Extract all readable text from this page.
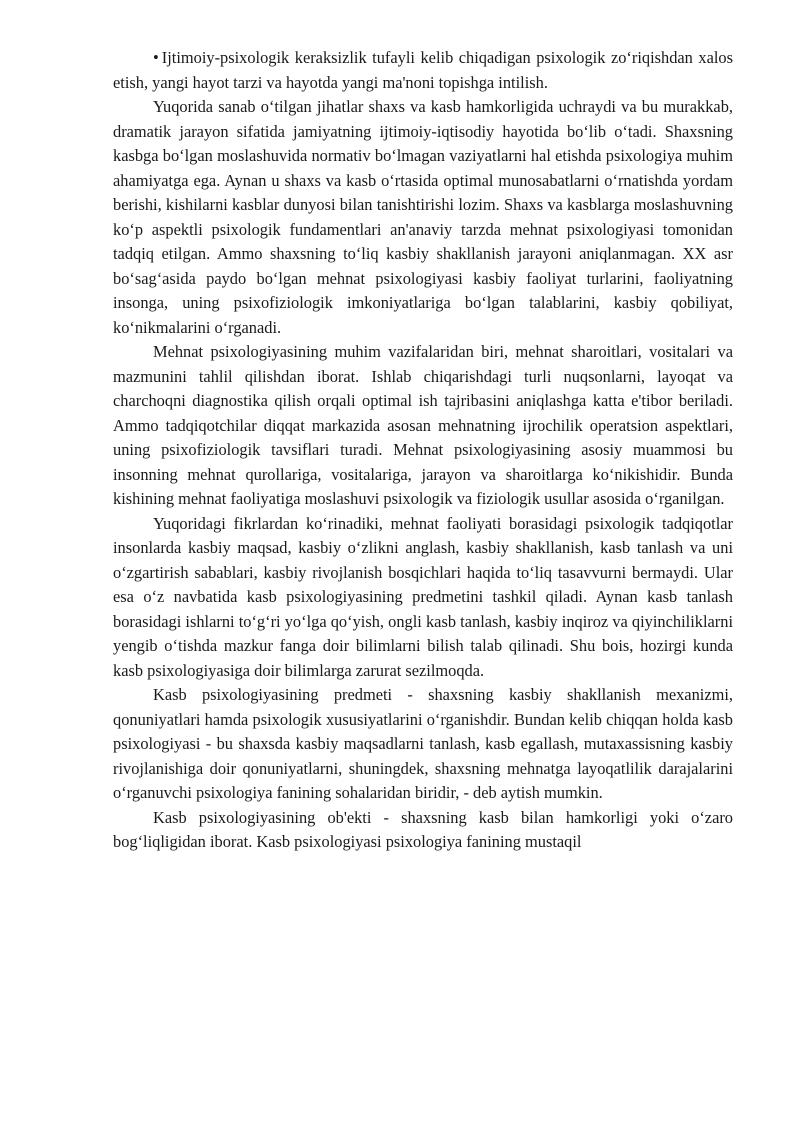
• Ijtimoiy-psixologik keraksizlik tufayli kelib chiqadigan psixologik zo‘riqishdan xalos etish, yangi hayot tarzi va hayotda yangi ma'noni topishga intilish.

Yuqorida sanab o‘tilgan jihatlar shaxs va kasb hamkorligida uchraydi va bu murakkab, dramatik jarayon sifatida jamiyatning ijtimoiy-iqtisodiy hayotida bo‘lib o‘tadi. Shaxsning kasbga bo‘lgan moslashuvida normativ bo‘lmagan vaziyatlarni hal etishda psixologiya muhim ahamiyatga ega. Aynan u shaxs va kasb o‘rtasida optimal munosabatlarni o‘rnatishda yordam berishi, kishilarni kasblar dunyosi bilan tanishtirishi lozim. Shaxs va kasblarga moslashuvning ko‘p aspektli psixologik fundamentlari an'anaviy tarzda mehnat psixologiyasi tomonidan tadqiq etilgan. Ammo shaxsning to‘liq kasbiy shakllanish jarayoni aniqlanmagan. XX asr bo‘sag‘asida paydo bo‘lgan mehnat psixologiyasi kasbiy faoliyat turlarini, faoliyatning insonga, uning psixofiziologik imkoniyatlariga bo‘lgan talablarini, kasbiy qobiliyat, ko‘nikmalarini o‘rganadi.

Mehnat psixologiyasining muhim vazifalaridan biri, mehnat sharoitlari, vositalari va mazmunini tahlil qilishdan iborat. Ishlab chiqarishdagi turli nuqsonlarni, layoqat va charchoqni diagnostika qilish orqali optimal ish tajribasini aniqlashga katta e'tibor beriladi. Ammo tadqiqotchilar diqqat markazida asosan mehnatning ijrochilik operatsion aspektlari, uning psixofiziologik tavsiflari turadi. Mehnat psixologiyasining asosiy muammosi bu insonning mehnat qurollariga, vositalariga, jarayon va sharoitlarga ko‘nikishidir. Bunda kishining mehnat faoliyatiga moslashuvi psixologik va fiziologik usullar asosida o‘rganilgan.

Yuqoridagi fikrlardan ko‘rinadiki, mehnat faoliyati borasidagi psixologik tadqiqotlar insonlarda kasbiy maqsad, kasbiy o‘zlikni anglash, kasbiy shakllanish, kasb tanlash va uni o‘zgartirish sabablari, kasbiy rivojlanish bosqichlari haqida to‘liq tasavvurni bermaydi. Ular esa o‘z navbatida kasb psixologiyasining predmetini tashkil qiladi. Aynan kasb tanlash borasidagi ishlarni to‘g‘ri yo‘lga qo‘yish, ongli kasb tanlash, kasbiy inqiroz va qiyinchiliklarni yengib o‘tishda mazkur fanga doir bilimlarni bilish talab qilinadi. Shu bois, hozirgi kunda kasb psixologiyasiga doir bilimlarga zarurat sezilmoqda.

Kasb psixologiyasining predmeti - shaxsning kasbiy shakllanish mexanizmi, qonuniyatlari hamda psixologik xususiyatlarini o‘rganishdir. Bundan kelib chiqqan holda kasb psixologiyasi - bu shaxsda kasbiy maqsadlarni tanlash, kasb egallash, mutaxassisning kasbiy rivojlanishiga doir qonuniyatlarni, shuningdek, shaxsning mehnatga layoqatlilik darajalarini o‘rganuvchi psixologiya fanining sohalaridan biridir, - deb aytish mumkin.

Kasb psixologiyasining ob'ekti - shaxsning kasb bilan hamkorligi yoki o‘zaro bog‘liqligidan iborat. Kasb psixologiyasi psixologiya fanining mustaqil
